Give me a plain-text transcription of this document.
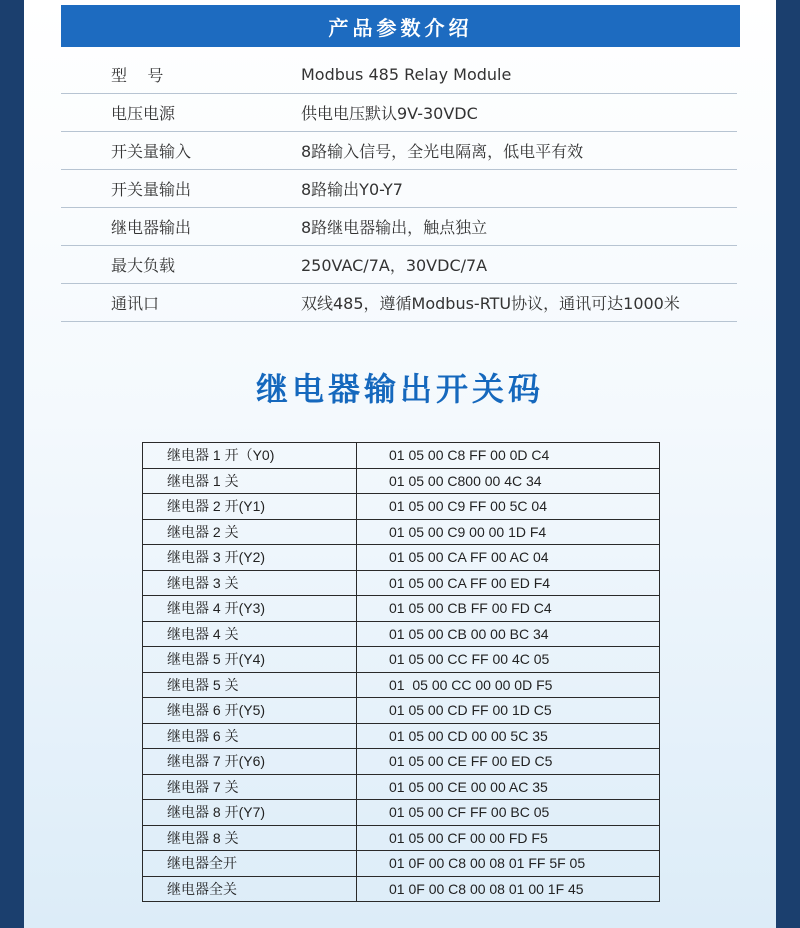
产品参数介绍
型    号	Modbus 485 Relay Module
电压电源	供电电压默认9V-30VDC
开关量输入	8路输入信号，全光电隔离，低电平有效
开关量输出	8路输出Y0-Y7
继电器输出	8路继电器输出，触点独立
最大负载	250VAC/7A，30VDC/7A
通讯口	双线485，遵循Modbus-RTU协议，通讯可达1000米
继电器输出开关码
继电器 1 开（Y0)	01 05 00 C8 FF 00 0D C4
继电器 1 关	01 05 00 C800 00 4C 34
继电器 2 开(Y1)	01 05 00 C9 FF 00 5C 04
继电器 2 关	01 05 00 C9 00 00 1D F4
继电器 3 开(Y2)	01 05 00 CA FF 00 AC 04
继电器 3 关	01 05 00 CA FF 00 ED F4
继电器 4 开(Y3)	01 05 00 CB FF 00 FD C4
继电器 4 关	01 05 00 CB 00 00 BC 34
继电器 5 开(Y4)	01 05 00 CC FF 00 4C 05
继电器 5 关	01  05 00 CC 00 00 0D F5
继电器 6 开(Y5)	01 05 00 CD FF 00 1D C5
继电器 6 关	01 05 00 CD 00 00 5C 35
继电器 7 开(Y6)	01 05 00 CE FF 00 ED C5
继电器 7 关	01 05 00 CE 00 00 AC 35
继电器 8 开(Y7)	01 05 00 CF FF 00 BC 05
继电器 8 关	01 05 00 CF 00 00 FD F5
继电器全开	01 0F 00 C8 00 08 01 FF 5F 05
继电器全关	01 0F 00 C8 00 08 01 00 1F 45
